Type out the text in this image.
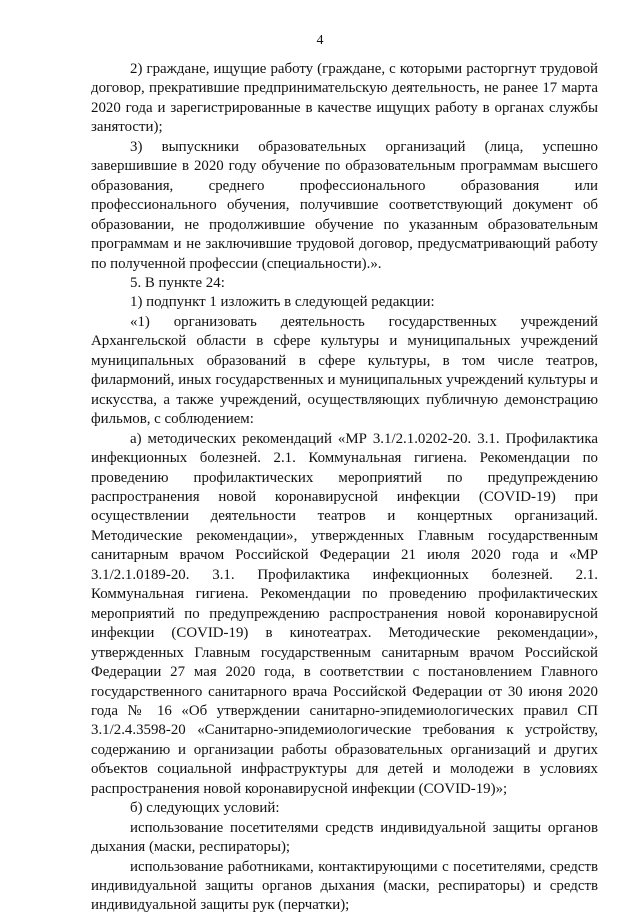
4

2) граждане, ищущие работу (граждане, с которыми расторгнут трудовой договор, прекратившие предпринимательскую деятельность, не ранее 17 марта 2020 года и зарегистрированные в качестве ищущих работу в органах службы занятости);

3) выпускники образовательных организаций (лица, успешно завершившие в 2020 году обучение по образовательным программам высшего образования, среднего профессионального образования или профессионального обучения, получившие соответствующий документ об образовании, не продолжившие обучение по указанным образовательным программам и не заключившие трудовой договор, предусматривающий работу по полученной профессии (специальности).».

5. В пункте 24:

1) подпункт 1 изложить в следующей редакции:

«1) организовать деятельность государственных учреждений Архангельской области в сфере культуры и муниципальных учреждений муниципальных образований в сфере культуры, в том числе театров, филармоний, иных государственных и муниципальных учреждений культуры и искусства, а также учреждений, осуществляющих публичную демонстрацию фильмов, с соблюдением:

а) методических рекомендаций «МР 3.1/2.1.0202-20. 3.1. Профилактика инфекционных болезней. 2.1. Коммунальная гигиена. Рекомендации по проведению профилактических мероприятий по предупреждению распространения новой коронавирусной инфекции (COVID-19) при осуществлении деятельности театров и концертных организаций. Методические рекомендации», утвержденных Главным государственным санитарным врачом Российской Федерации 21 июля 2020 года и «МР 3.1/2.1.0189-20. 3.1. Профилактика инфекционных болезней. 2.1. Коммунальная гигиена. Рекомендации по проведению профилактических мероприятий по предупреждению распространения новой коронавирусной инфекции (COVID-19) в кинотеатрах. Методические рекомендации», утвержденных Главным государственным санитарным врачом Российской Федерации 27 мая 2020 года, в соответствии с постановлением Главного государственного санитарного врача Российской Федерации от 30 июня 2020 года № 16 «Об утверждении санитарно-эпидемиологических правил СП 3.1/2.4.3598-20 «Санитарно-эпидемиологические требования к устройству, содержанию и организации работы образовательных организаций и других объектов социальной инфраструктуры для детей и молодежи в условиях распространения новой коронавирусной инфекции (COVID-19)»;

б) следующих условий:

использование посетителями средств индивидуальной защиты органов дыхания (маски, респираторы);

использование работниками, контактирующими с посетителями, средств индивидуальной защиты органов дыхания (маски, респираторы) и средств индивидуальной защиты рук (перчатки);
